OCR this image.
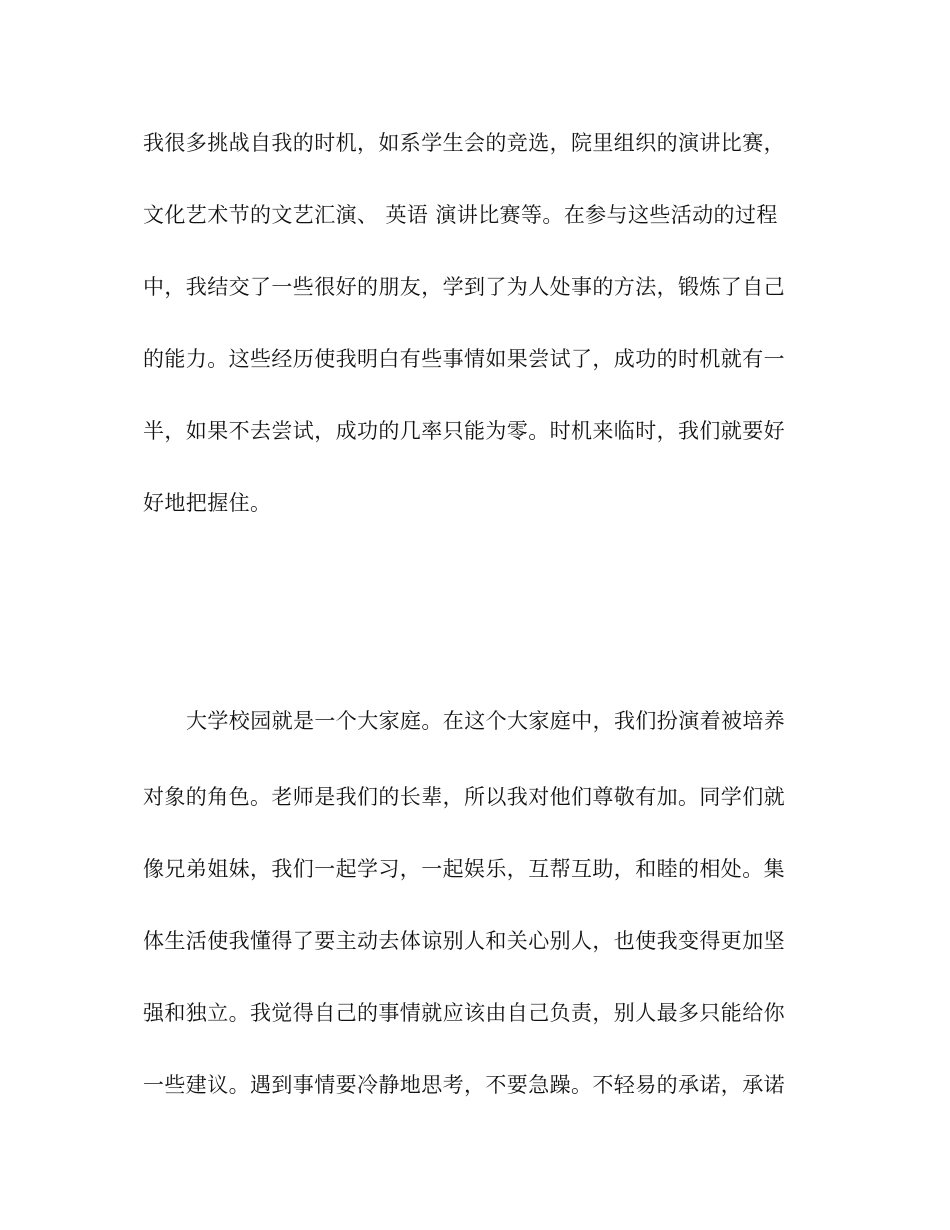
我很多挑战自我的时机，如系学生会的竞选，院里组织的演讲比赛，
文化艺术节的文艺汇演、 英语 演讲比赛等。在参与这些活动的过程
中，我结交了一些很好的朋友，学到了为人处事的方法，锻炼了自己
的能力。这些经历使我明白有些事情如果尝试了，成功的时机就有一
半，如果不去尝试，成功的几率只能为零。时机来临时，我们就要好
好地把握住。
大学校园就是一个大家庭。在这个大家庭中，我们扮演着被培养
对象的角色。老师是我们的长辈，所以我对他们尊敬有加。同学们就
像兄弟姐妹，我们一起学习，一起娱乐，互帮互助，和睦的相处。集
体生活使我懂得了要主动去体谅别人和关心别人，也使我变得更加坚
强和独立。我觉得自己的事情就应该由自己负责，别人最多只能给你
一些建议。遇到事情要冷静地思考，不要急躁。不轻易的承诺，承诺
